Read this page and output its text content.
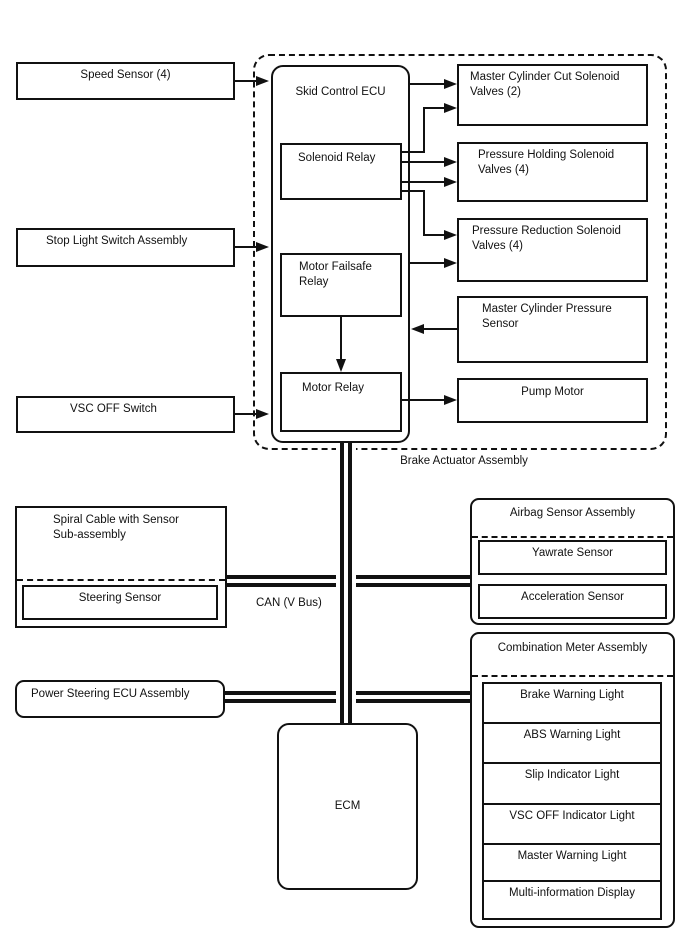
Brake Actuator Assembly
Skid Control ECU
Solenoid Relay
Motor Failsafe Relay
Motor Relay
Master Cylinder Cut Solenoid Valves (2)
Pressure Holding Solenoid Valves (4)
Pressure Reduction Solenoid Valves (4)
Master Cylinder Pressure Sensor
Pump Motor
Speed Sensor (4)
Stop Light Switch Assembly
VSC OFF Switch
Spiral Cable with Sensor Sub-assembly
Steering Sensor
Power Steering ECU Assembly
Airbag Sensor Assembly
Yawrate Sensor
Acceleration Sensor
Combination Meter Assembly
Brake Warning Light
ABS Warning Light
Slip Indicator Light
VSC OFF Indicator Light
Master Warning Light
Multi-information Display
CAN (V Bus)
ECM
